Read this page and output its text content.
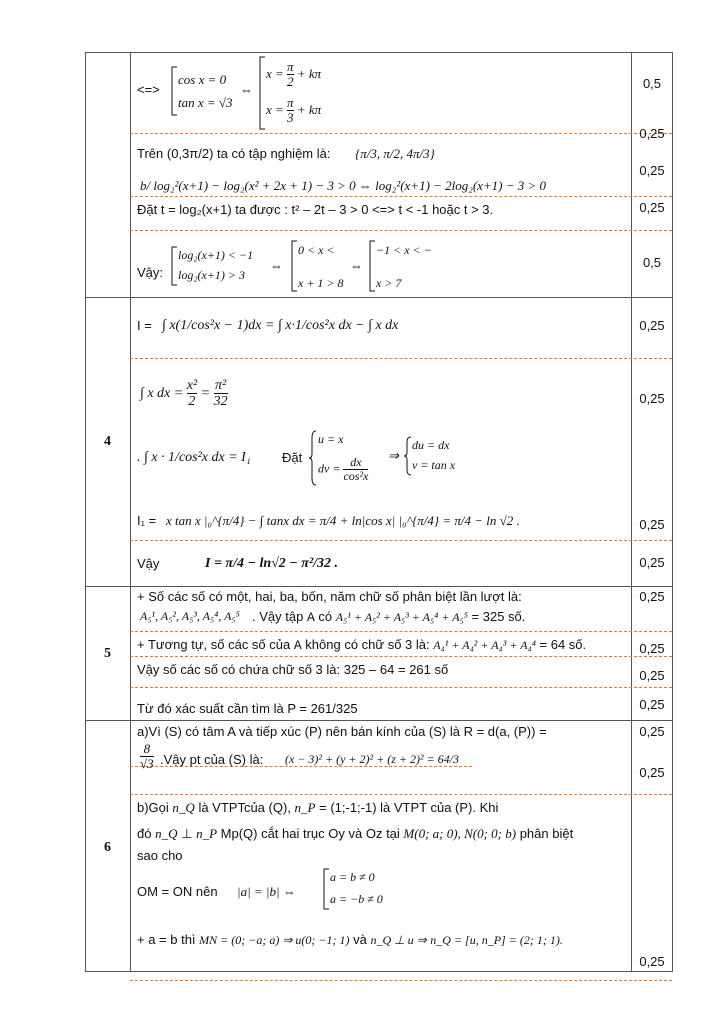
4
5
6
0,5
0,25
0,25
0,25
0,5
0,25
0,25
0,25
0,25
0,25
0,25
0,25
0,25
0,25
0,25
0,25
<=>
cos x = 0
tan x = √3
⇔
$x = \frac{\pi}{2} + k\pi$
$x = \frac{\pi}{3} + k\pi$
Trên (0,3π/2) ta có tập nghiệm là: {π/3, π/2, 4π/3}
b/ log₂²(x+1) − log₂(x² + 2x + 1) − 3 > 0 ⇔ log₂²(x+1) − 2log₂(x+1) − 3 > 0
Đặt t = log₂(x+1) ta được : t² – 2t – 3 > 0 <=> t < -1 hoặc t > 3.
Vậy:
log₂(x+1) < −1
log₂(x+1) > 3
⇔
0 < x <
x + 1 > 8
⇔
−1 < x < −
x > 7
I = ∫ x(1/cos²x − 1)dx = ∫ x·1/cos²x dx − ∫ x dx
∫ x dx = $\frac{\text{x²}}{2} = \frac{\text{π²}}{32}$
. ∫ x · 1/cos²x dx = I₁ Đặt
u = x
dv = $\frac{dx}{\text{cos²x}}$
⇒
du = dx
v = tan x
I₁ = x tan x |₀^{π/4} − ∫ tanx dx = π/4 + ln|cos x| |₀^{π/4} = π/4 − ln √2 .
Vậy	I = π/4 − ln√2 − π²/32 .
+ Số các số có một, hai, ba, bốn, năm chữ số phân biệt lần lượt là:
A₅¹, A₅², A₅³, A₅⁴, A₅⁵ . Vậy tập A có A₅¹ + A₅² + A₅³ + A₅⁴ + A₅⁵ = 325 số.
+ Tương tự, số các số của A không có chữ số 3 là: A₄¹ + A₄² + A₄³ + A₄⁴ = 64 số.
Vậy số các số có chứa chữ số 3 là: 325 – 64 = 261 số
Từ đó xác suất cần tìm là P = 261/325
a)Vì (S) có tâm A và tiếp xúc (P) nên bán kính của (S) là R = d(a, (P)) =
$\frac{8}{√3}$ .Vậy pt của (S) là: (x − 3)² + (y + 2)² + (z + 2)² = 64/3
b)Gọi n_Q là VTPTcủa (Q), n_P = (1;-1;-1) là VTPT của (P). Khi
đó n_Q ⊥ n_P Mp(Q) cắt hai trục Oy và Oz tại M(0; a; 0), N(0; 0; b) phân biệt
sao cho
OM = ON nên |a| = |b| ⇔
a = b ≠ 0
a = −b ≠ 0
+ a = b thì MN = (0; −a; a) ⇒ u(0; −1; 1) và n_Q ⊥ u ⇒ n_Q = [u, n_P] = (2; 1; 1).
